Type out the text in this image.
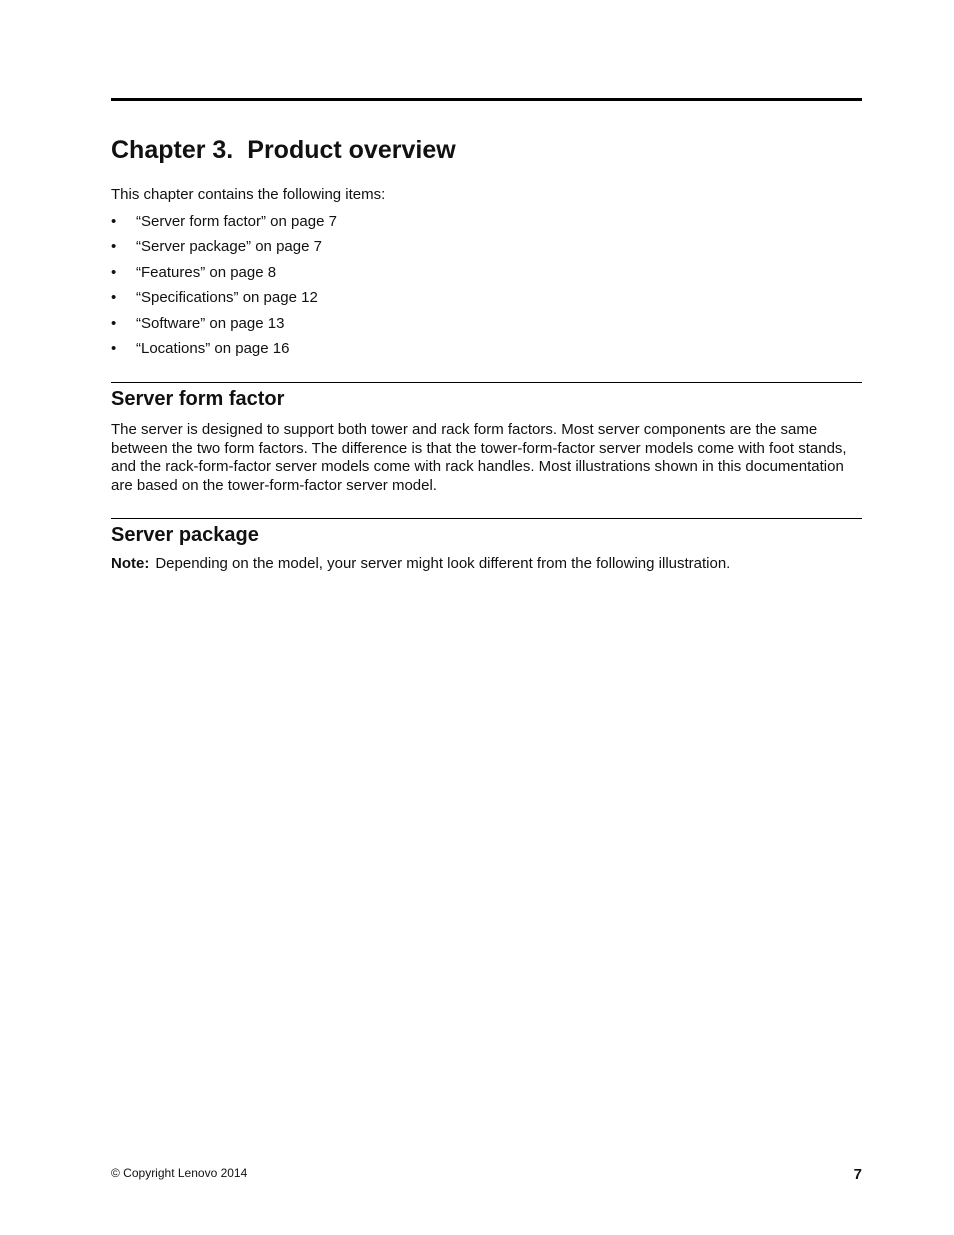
Chapter 3. Product overview

This chapter contains the following items:

• “Server form factor” on page 7
• “Server package” on page 7
• “Features” on page 8
• “Specifications” on page 12
• “Software” on page 13
• “Locations” on page 16
Server form factor

The server is designed to support both tower and rack form factors. Most server components are the same between the two form factors. The difference is that the tower-form-factor server models come with foot stands, and the rack-form-factor server models come with rack handles. Most illustrations shown in this documentation are based on the tower-form-factor server model.

Server package

Note: Depending on the model, your server might look different from the following illustration.

© Copyright Lenovo 2014	7
